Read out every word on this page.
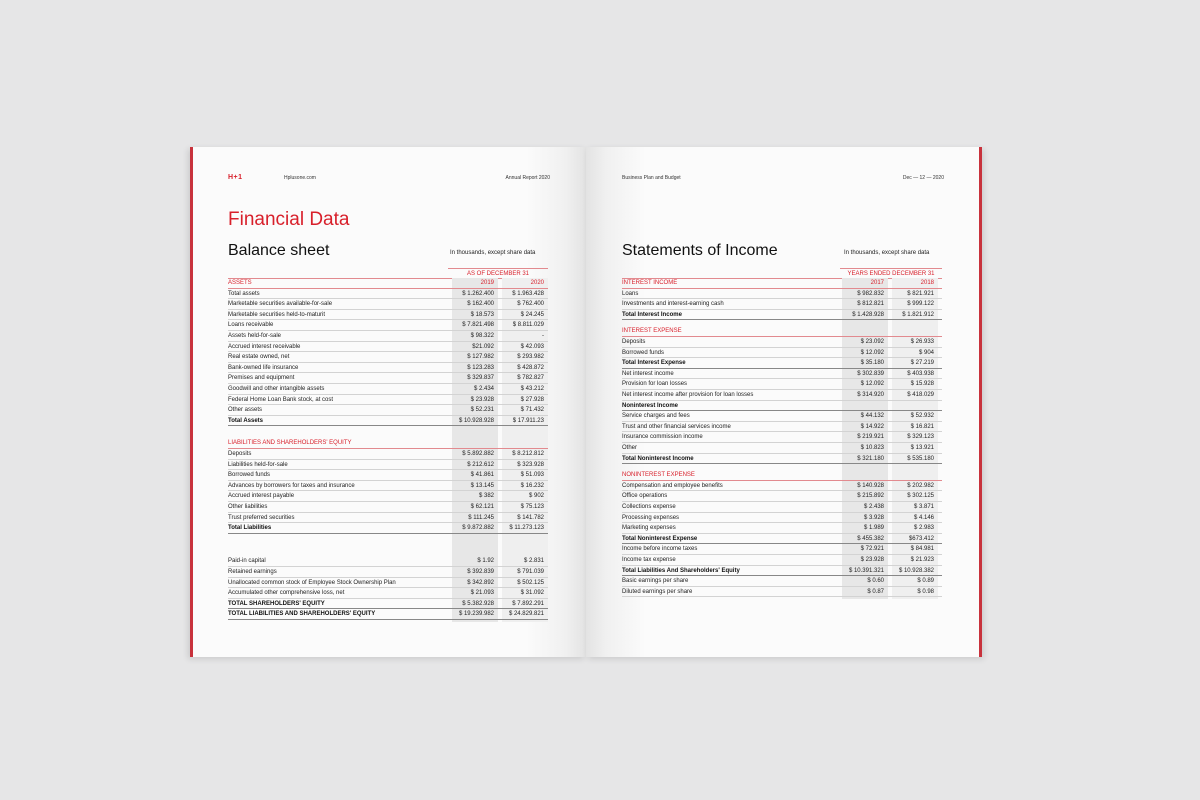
H+1	Hplusone.com	Annual Report 2020
Financial Data
Balance sheet	In thousands, except share data
AS OF DECEMBER 31
2019	2020
ASSETS
Total assets	$ 1.262.400	$ 1.963.428
Marketable securities available-for-sale	$ 162.400	$ 762.400
Marketable securities held-to-maturit	$ 18.573	$ 24.245
Loans receivable	$ 7.821.498	$ 8.811.029
Assets held-for-sale	$ 98.322	-
Accrued interest receivable	$21.092	$ 42.093
Real estate owned, net	$ 127.982	$ 293.982
Bank-owned life insurance	$ 123.283	$ 428.872
Premises and equipment	$ 329.837	$ 782.827
Goodwill and other intangible assets	$ 2.434	$ 43.212
Federal Home Loan Bank stock, at cost	$ 23.928	$ 27.928
Other assets	$ 52.231	$ 71.432
Total Assets	$ 10.928.928	$ 17.911.23
LIABILITIES AND SHAREHOLDERS' EQUITY
Deposits	$ 5.892.882	$ 8.212.812
Liabilities held-for-sale	$ 212.612	$ 323.928
Borrowed funds	$ 41.861	$ 51.093
Advances by borrowers for taxes and insurance	$ 13.145	$ 16.232
Accrued interest payable	$ 382	$ 902
Other liabilities	$ 62.121	$ 75.123
Trust preferred securities	$ 111.245	$ 141.782
Total Liabilities	$ 9.872.882	$ 11.273.123
Paid-in capital	$ 1.92	$ 2.831
Retained earnings	$ 392.839	$ 791.039
Unallocated common stock of Employee Stock Ownership Plan	$ 342.892	$ 502.125
Accumulated other comprehensive loss, net	$ 21.093	$ 31.092
TOTAL SHAREHOLDERS' EQUITY	$ 5.382.928	$ 7.892.291
TOTAL LIABILITIES AND SHAREHOLDERS' EQUITY	$ 19.239.982	$ 24.829.821
Business Plan and Budget	Dec — 12 — 2020
Statements of Income	In thousands, except share data
YEARS ENDED DECEMBER 31
2017	2018
INTEREST INCOME
Loans	$ 982.832	$ 821.921
Investments and interest-earning cash	$ 812.821	$ 999.122
Total Interest Income	$ 1.428.928	$ 1.821.912
INTEREST EXPENSE
Deposits	$ 23.092	$ 26.933
Borrowed funds	$ 12.092	$ 904
Total Interest Expense	$ 35.180	$ 27.219
Net interest income	$ 302.839	$ 403.938
Provision for loan losses	$ 12.092	$ 15.928
Net interest income after provision for loan losses	$ 314.920	$ 418.029
Noninterest Income
Service charges and fees	$ 44.132	$ 52.932
Trust and other financial services income	$ 14.922	$ 16.821
Insurance commission income	$ 219.921	$ 329.123
Other	$ 10.823	$ 13.921
Total Noninterest Income	$ 321.180	$ 535.180
NONINTEREST EXPENSE
Compensation and employee benefits	$ 140.928	$ 202.982
Office operations	$ 215.892	$ 302.125
Collections expense	$ 2.438	$ 3.871
Processing expenses	$ 3.928	$ 4.146
Marketing expenses	$ 1.989	$ 2.983
Total Noninterest Expense	$ 455.382	$673.412
Income before income taxes	$ 72.921	$ 84.981
Income tax expense	$ 23.928	$ 21.923
Total Liabilities And Shareholders' Equity	$ 10.391.321	$ 10.928.382
Basic earnings per share	$ 0.60	$ 0.89
Diluted earnings per share	$ 0.87	$ 0.98
